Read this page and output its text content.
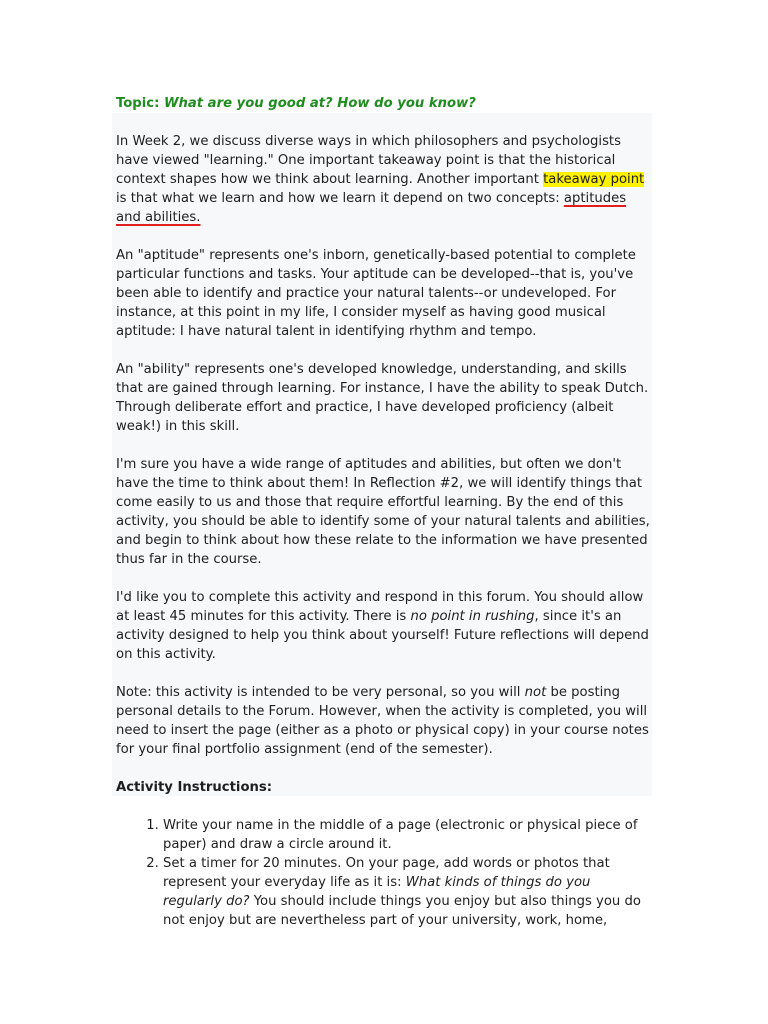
Topic: What are you good at? How do you know?

In Week 2, we discuss diverse ways in which philosophers and psychologists have viewed "learning." One important takeaway point is that the historical context shapes how we think about learning. Another important takeaway point is that what we learn and how we learn it depend on two concepts: aptitudes and abilities.

An "aptitude" represents one's inborn, genetically-based potential to complete particular functions and tasks. Your aptitude can be developed--that is, you've been able to identify and practice your natural talents--or undeveloped. For instance, at this point in my life, I consider myself as having good musical aptitude: I have natural talent in identifying rhythm and tempo.

An "ability" represents one's developed knowledge, understanding, and skills that are gained through learning. For instance, I have the ability to speak Dutch. Through deliberate effort and practice, I have developed proficiency (albeit weak!) in this skill.

I'm sure you have a wide range of aptitudes and abilities, but often we don't have the time to think about them! In Reflection #2, we will identify things that come easily to us and those that require effortful learning. By the end of this activity, you should be able to identify some of your natural talents and abilities, and begin to think about how these relate to the information we have presented thus far in the course.

I'd like you to complete this activity and respond in this forum. You should allow at least 45 minutes for this activity. There is no point in rushing, since it's an activity designed to help you think about yourself! Future reflections will depend on this activity.

Note: this activity is intended to be very personal, so you will not be posting personal details to the Forum. However, when the activity is completed, you will need to insert the page (either as a photo or physical copy) in your course notes for your final portfolio assignment (end of the semester).

Activity Instructions:
1. Write your name in the middle of a page (electronic or physical piece of paper) and draw a circle around it.
2. Set a timer for 20 minutes. On your page, add words or photos that represent your everyday life as it is: What kinds of things do you regularly do? You should include things you enjoy but also things you do not enjoy but are nevertheless part of your university, work, home,
